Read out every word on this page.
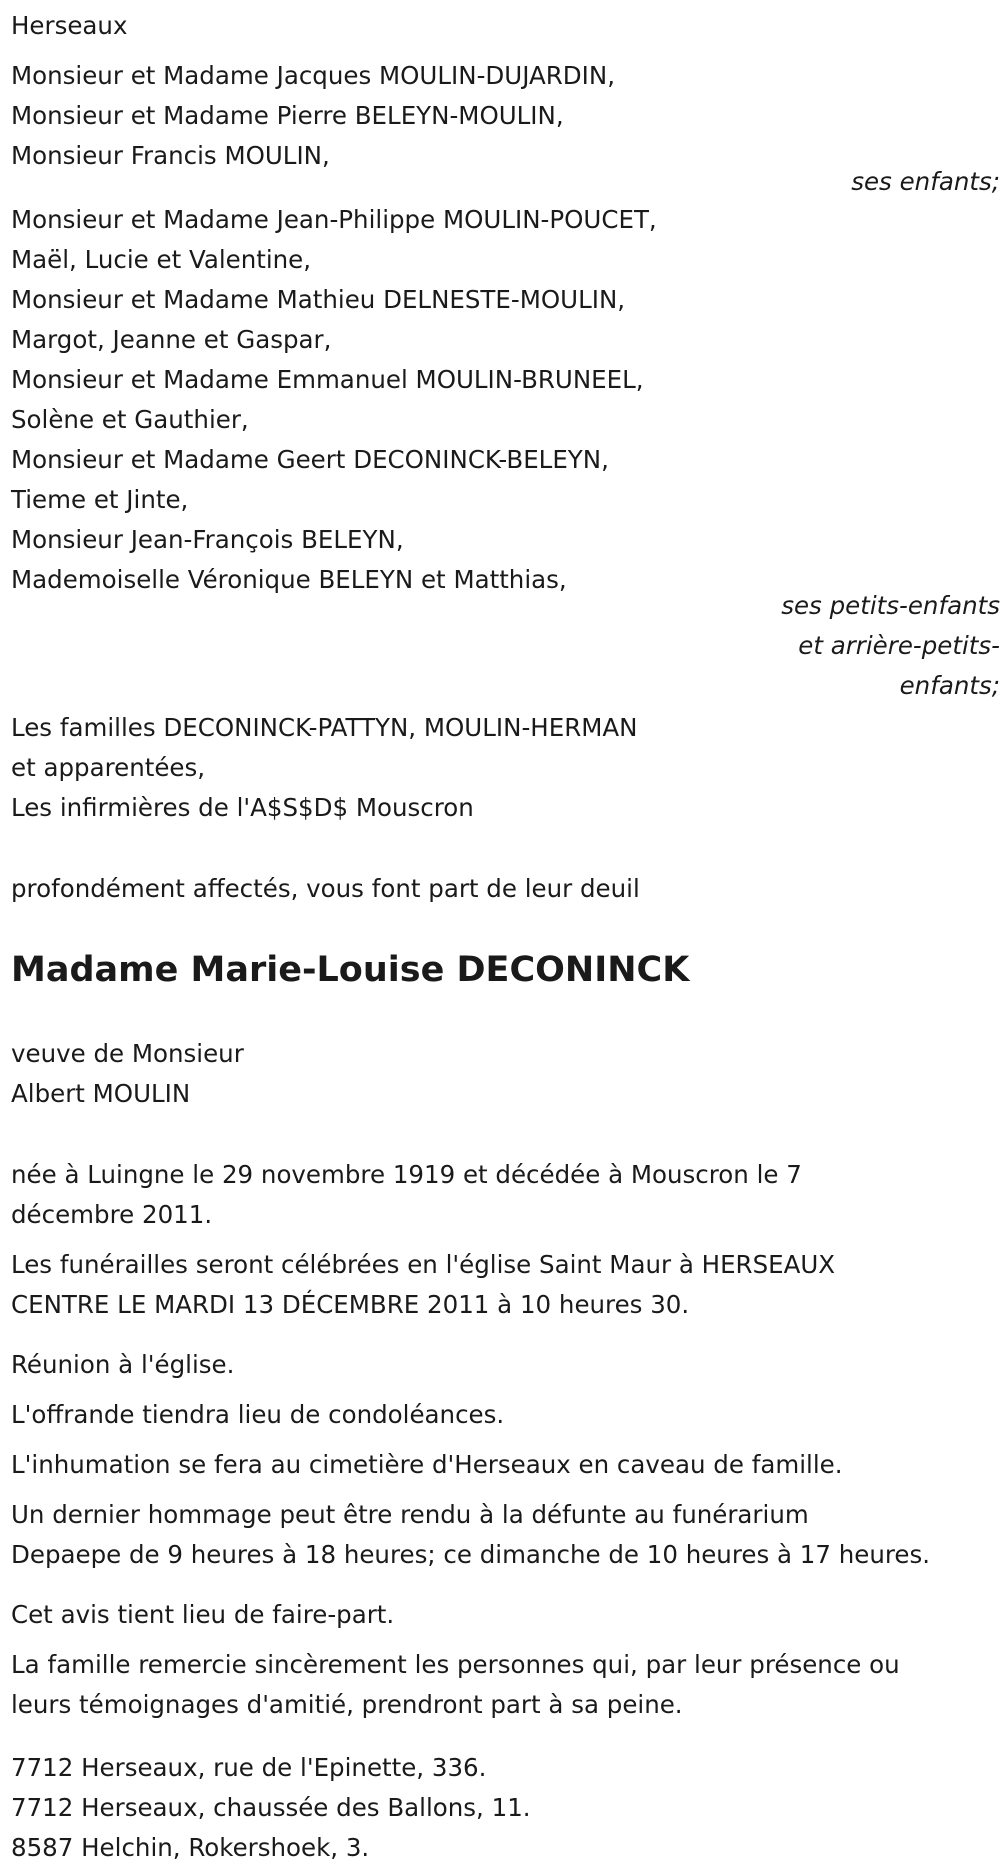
Herseaux
Monsieur et Madame Jacques MOULIN-DUJARDIN,
Monsieur et Madame Pierre BELEYN-MOULIN,
Monsieur Francis MOULIN,
ses enfants;
Monsieur et Madame Jean-Philippe MOULIN-POUCET,
Maël, Lucie et Valentine,
Monsieur et Madame Mathieu DELNESTE-MOULIN,
Margot, Jeanne et Gaspar,
Monsieur et Madame Emmanuel MOULIN-BRUNEEL,
Solène et Gauthier,
Monsieur et Madame Geert DECONINCK-BELEYN,
Tieme et Jinte,
Monsieur Jean-François BELEYN,
Mademoiselle Véronique BELEYN et Matthias,
ses petits-enfants
et arrière-petits-
enfants;
Les familles DECONINCK-PATTYN, MOULIN-HERMAN
et apparentées,
Les infirmières de l'A$S$D$ Mouscron
profondément affectés, vous font part de leur deuil
Madame Marie-Louise DECONINCK
veuve de Monsieur
Albert MOULIN
née à Luingne le 29 novembre 1919 et décédée à Mouscron le 7
décembre 2011.
Les funérailles seront célébrées en l'église Saint Maur à HERSEAUX
CENTRE LE MARDI 13 DÉCEMBRE 2011 à 10 heures 30.
Réunion à l'église.
L'offrande tiendra lieu de condoléances.
L'inhumation se fera au cimetière d'Herseaux en caveau de famille.
Un dernier hommage peut être rendu à la défunte au funérarium
Depaepe de 9 heures à 18 heures; ce dimanche de 10 heures à 17 heures.
Cet avis tient lieu de faire-part.
La famille remercie sincèrement les personnes qui, par leur présence ou
leurs témoignages d'amitié, prendront part à sa peine.
7712 Herseaux, rue de l'Epinette, 336.
7712 Herseaux, chaussée des Ballons, 11.
8587 Helchin, Rokershoek, 3.
